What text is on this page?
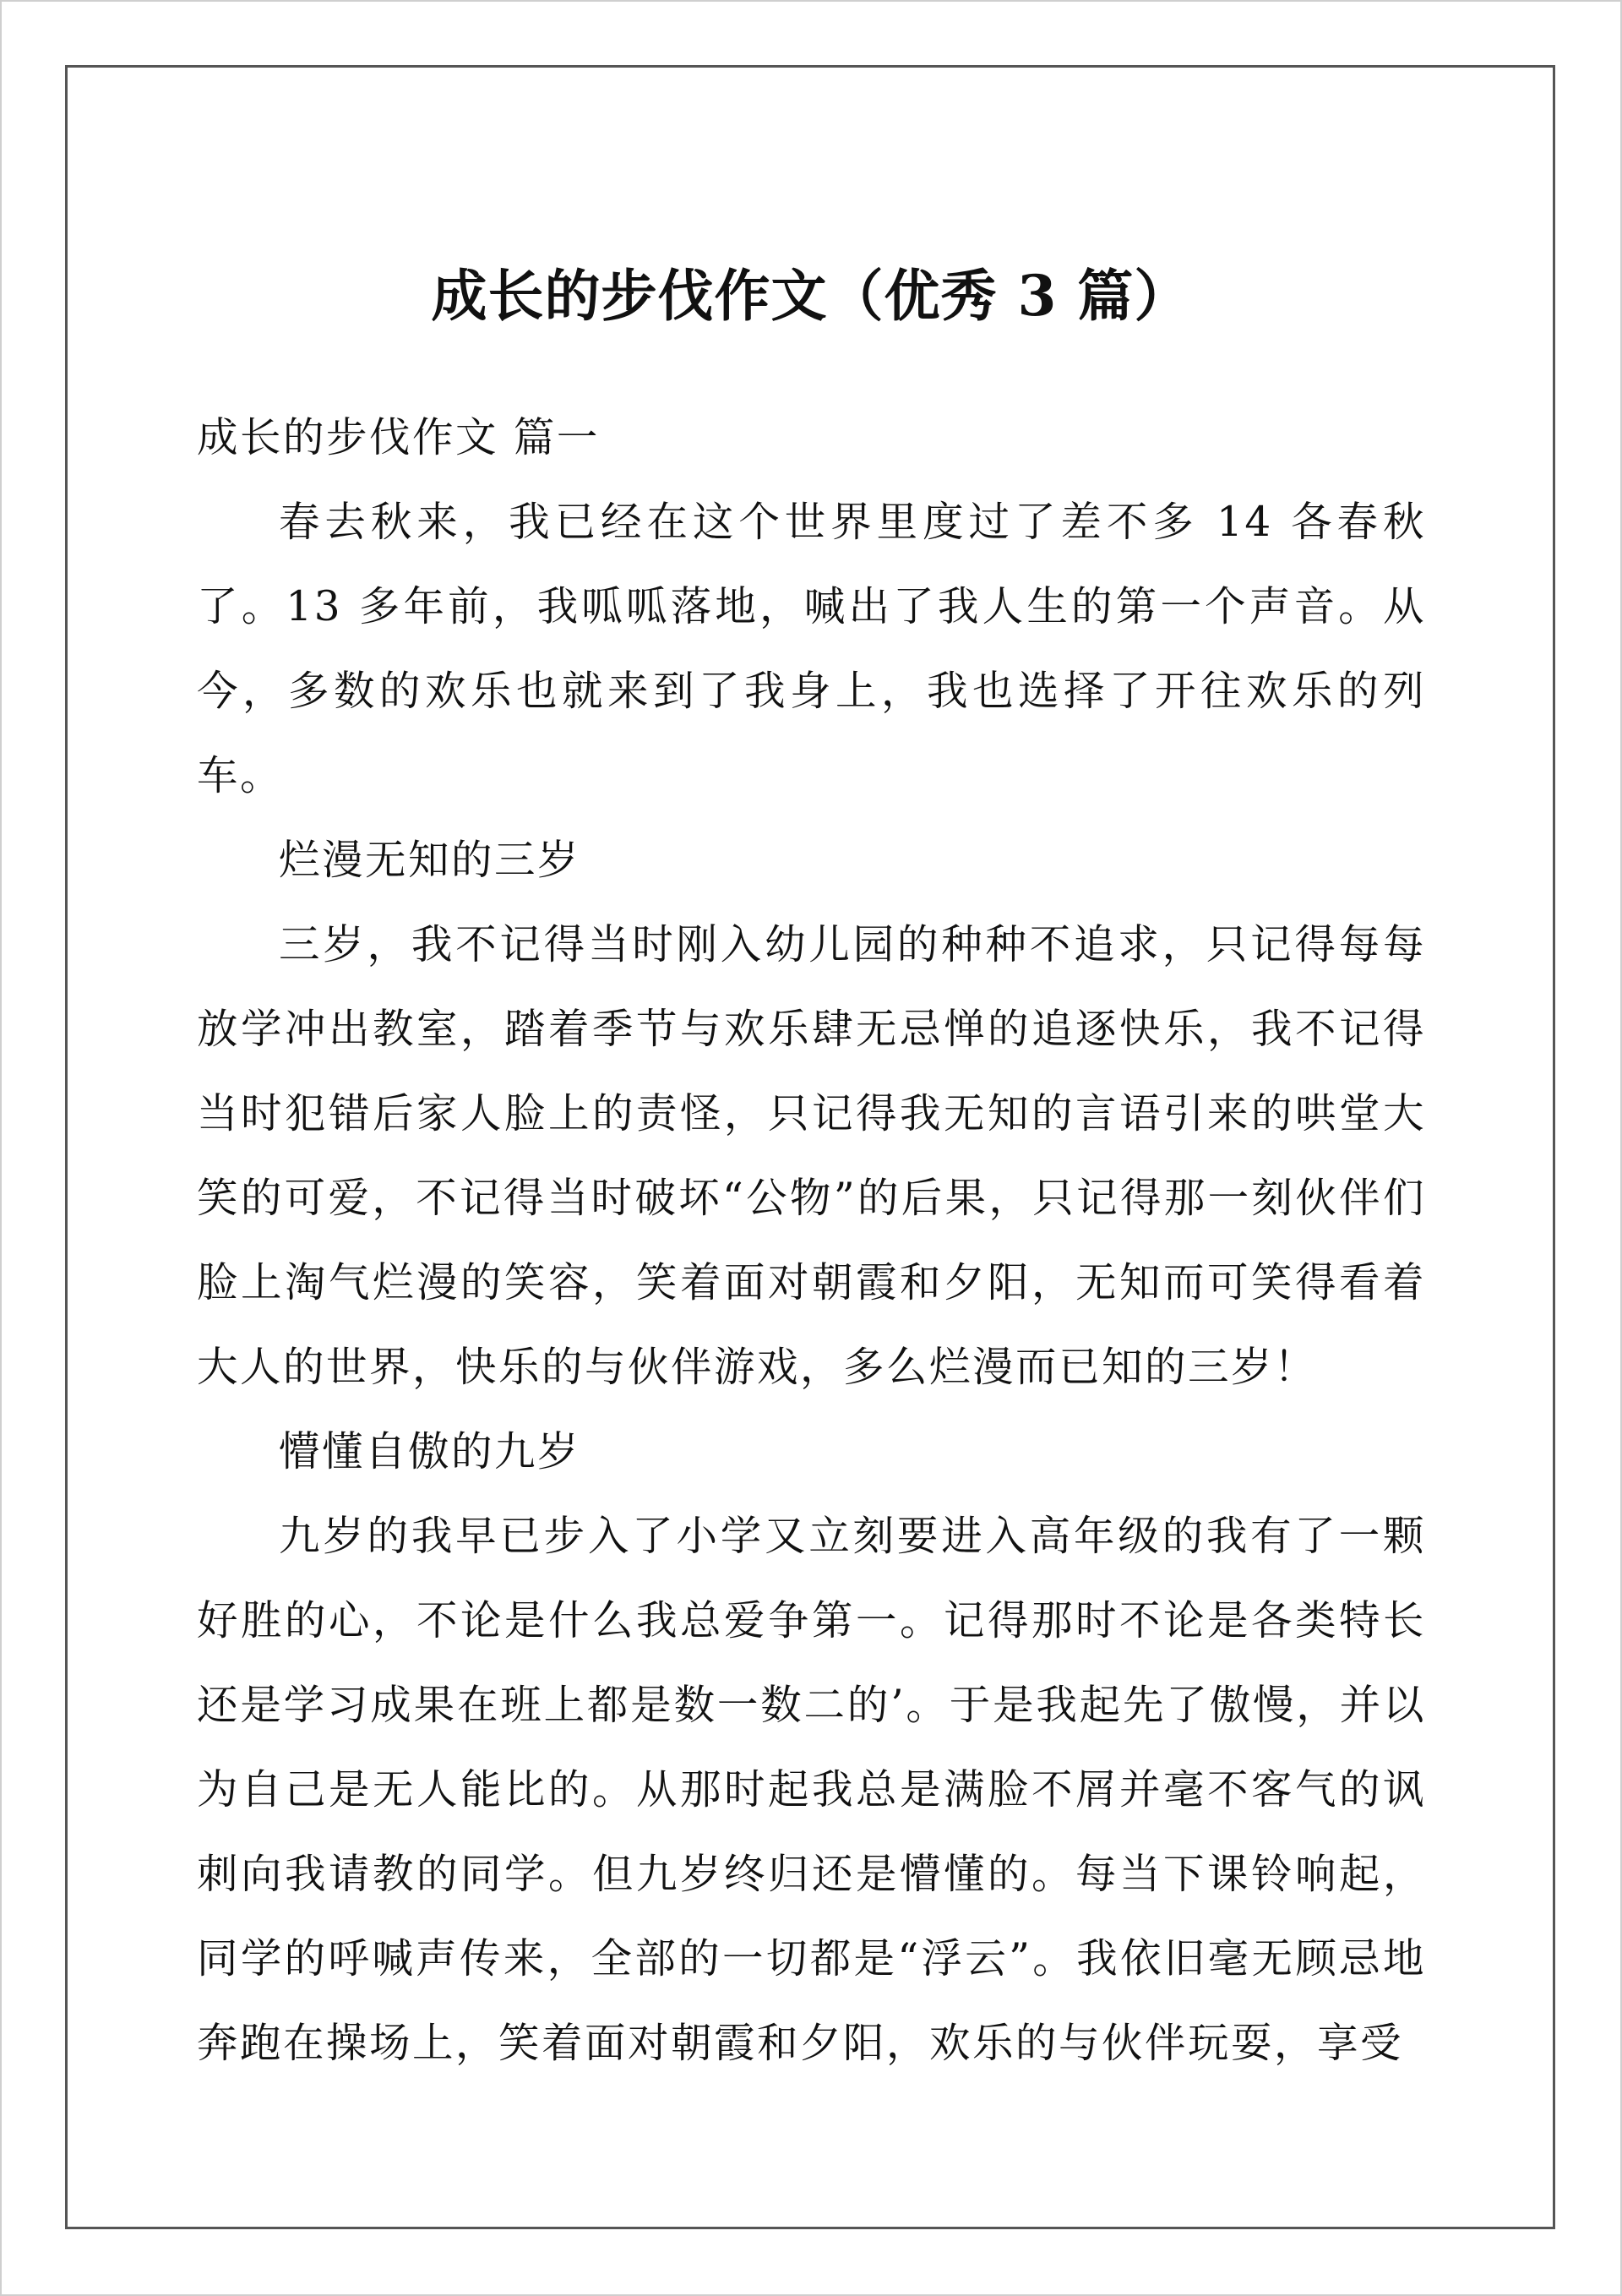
成长的步伐作文（优秀 3 篇）

成长的步伐作文 篇一

春去秋来，我已经在这个世界里度过了差不多 14 各春秋了。13 多年前，我呱呱落地，喊出了我人生的第一个声音。从今，多数的欢乐也就来到了我身上，我也选择了开往欢乐的列车。

烂漫无知的三岁

三岁，我不记得当时刚入幼儿园的种种不追求，只记得每每放学冲出教室，踏着季节与欢乐肆无忌惮的追逐快乐，我不记得当时犯错后家人脸上的责怪，只记得我无知的言语引来的哄堂大笑的可爱，不记得当时破坏“公物”的后果，只记得那一刻伙伴们脸上淘气烂漫的笑容，笑着面对朝霞和夕阳，无知而可笑得看着大人的世界，快乐的与伙伴游戏，多么烂漫而已知的三岁！

懵懂自傲的九岁

九岁的我早已步入了小学又立刻要进入高年级的我有了一颗好胜的心，不论是什么我总爱争第一。记得那时不论是各类特长还是学习成果在班上都是数一数二的’。于是我起先了傲慢，并以为自己是无人能比的。从那时起我总是满脸不屑并毫不客气的讽刺向我请教的同学。但九岁终归还是懵懂的。每当下课铃响起，同学的呼喊声传来，全部的一切都是“浮云”。我依旧毫无顾忌地奔跑在操场上，笑着面对朝霞和夕阳，欢乐的与伙伴玩耍，享受
